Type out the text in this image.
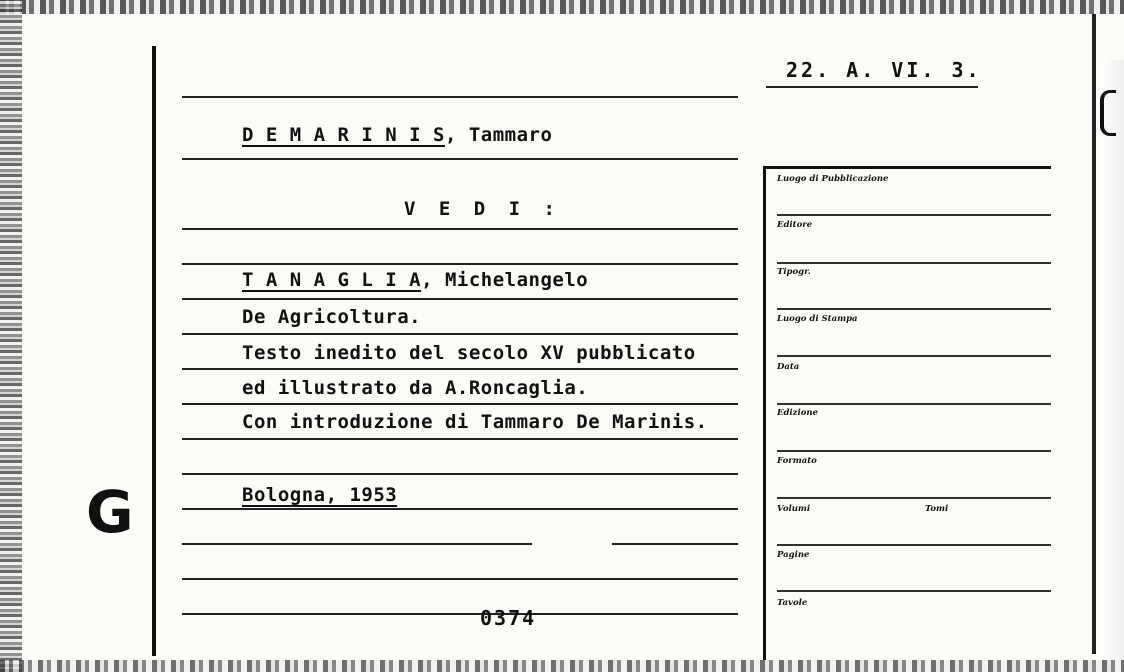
22. A. VI. 3.
D E M A R I N I S, Tammaro
V E D I :
T A N A G L I A, Michelangelo
De Agricoltura.
Testo inedito del secolo XV pubblicato
ed illustrato da A.Roncaglia.
Con introduzione di Tammaro De Marinis.
Bologna, 1953
G
Luogo di Pubblicazione
Editore
Tipogr.
Luogo di Stampa
Data
Edizione
Formato
Volumi	Tomi
Pagine
Tavole
0374
